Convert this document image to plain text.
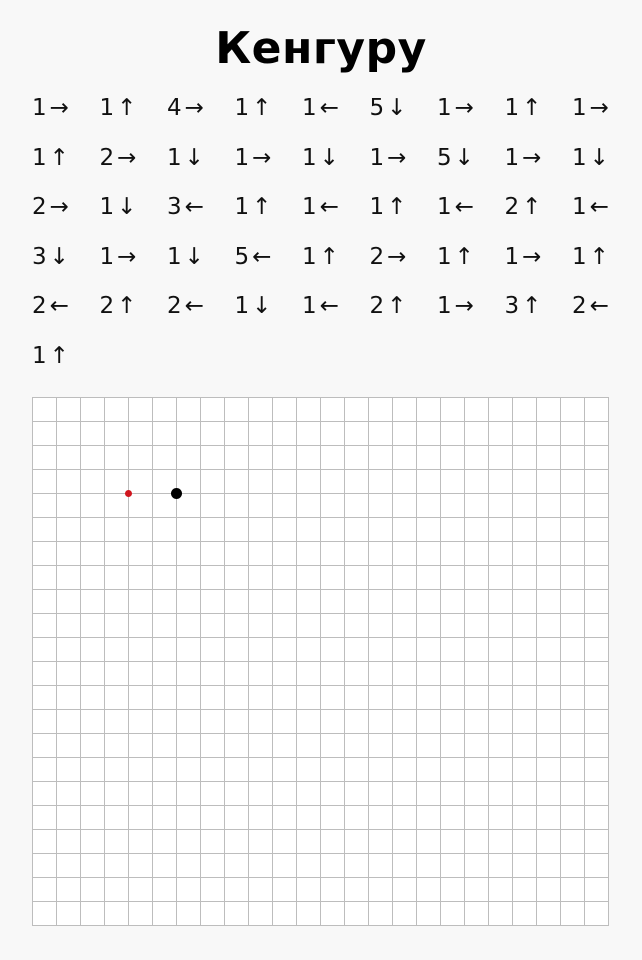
Кенгуру
1 → 1 ↑ 4 → 1 ↑ 1 ← 5 ↓ 1 → 1 ↑ 1 →
1 ↑ 2 → 1 ↓ 1 → 1 ↓ 1 → 5 ↓ 1 → 1 ↓
2 → 1 ↓ 3 ← 1 ↑ 1 ← 1 ↑ 1 ← 2 ↑ 1 ←
3 ↓ 1 → 1 ↓ 5 ← 1 ↑ 2 → 1 ↑ 1 → 1 ↑
2 ← 2 ↑ 2 ← 1 ↓ 1 ← 2 ↑ 1 → 3 ↑ 2 ←
1 ↑
